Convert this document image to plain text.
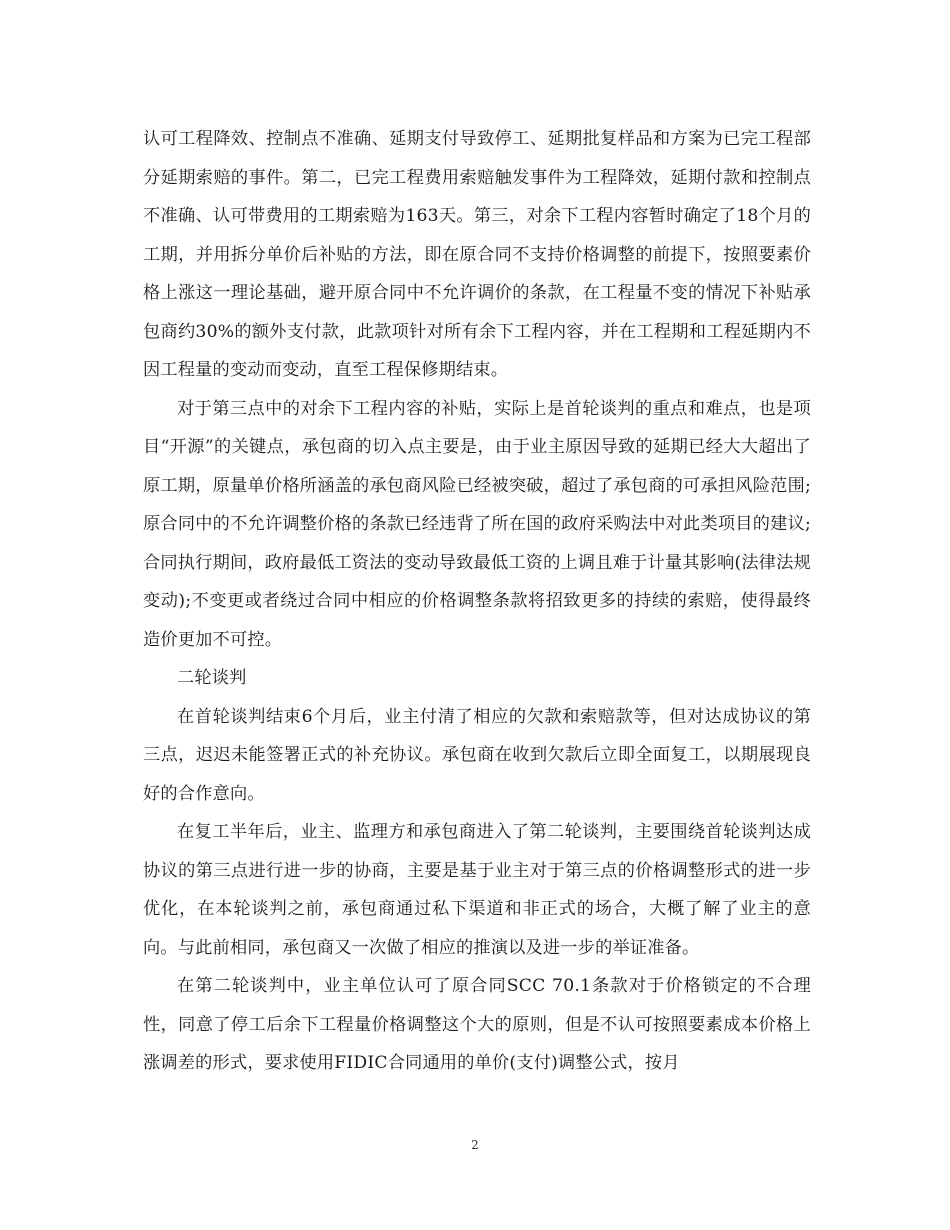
认可工程降效、控制点不准确、延期支付导致停工、延期批复样品和方案为已完工程部分延期索赔的事件。第二，已完工程费用索赔触发事件为工程降效，延期付款和控制点不准确、认可带费用的工期索赔为163天。第三，对余下工程内容暂时确定了18个月的工期，并用拆分单价后补贴的方法，即在原合同不支持价格调整的前提下，按照要素价格上涨这一理论基础，避开原合同中不允许调价的条款，在工程量不变的情况下补贴承包商约30%的额外支付款，此款项针对所有余下工程内容，并在工程期和工程延期内不因工程量的变动而变动，直至工程保修期结束。

对于第三点中的对余下工程内容的补贴，实际上是首轮谈判的重点和难点，也是项目“开源”的关键点，承包商的切入点主要是，由于业主原因导致的延期已经大大超出了原工期，原量单价格所涵盖的承包商风险已经被突破，超过了承包商的可承担风险范围;原合同中的不允许调整价格的条款已经违背了所在国的政府采购法中对此类项目的建议;合同执行期间，政府最低工资法的变动导致最低工资的上调且难于计量其影响(法律法规变动);不变更或者绕过合同中相应的价格调整条款将招致更多的持续的索赔，使得最终造价更加不可控。

二轮谈判

在首轮谈判结束6个月后，业主付清了相应的欠款和索赔款等，但对达成协议的第三点，迟迟未能签署正式的补充协议。承包商在收到欠款后立即全面复工，以期展现良好的合作意向。

在复工半年后，业主、监理方和承包商进入了第二轮谈判，主要围绕首轮谈判达成协议的第三点进行进一步的协商，主要是基于业主对于第三点的价格调整形式的进一步优化，在本轮谈判之前，承包商通过私下渠道和非正式的场合，大概了解了业主的意向。与此前相同，承包商又一次做了相应的推演以及进一步的举证准备。

在第二轮谈判中，业主单位认可了原合同SCC 70.1条款对于价格锁定的不合理性，同意了停工后余下工程量价格调整这个大的原则，但是不认可按照要素成本价格上涨调差的形式，要求使用FIDIC合同通用的单价(支付)调整公式，按月

2
